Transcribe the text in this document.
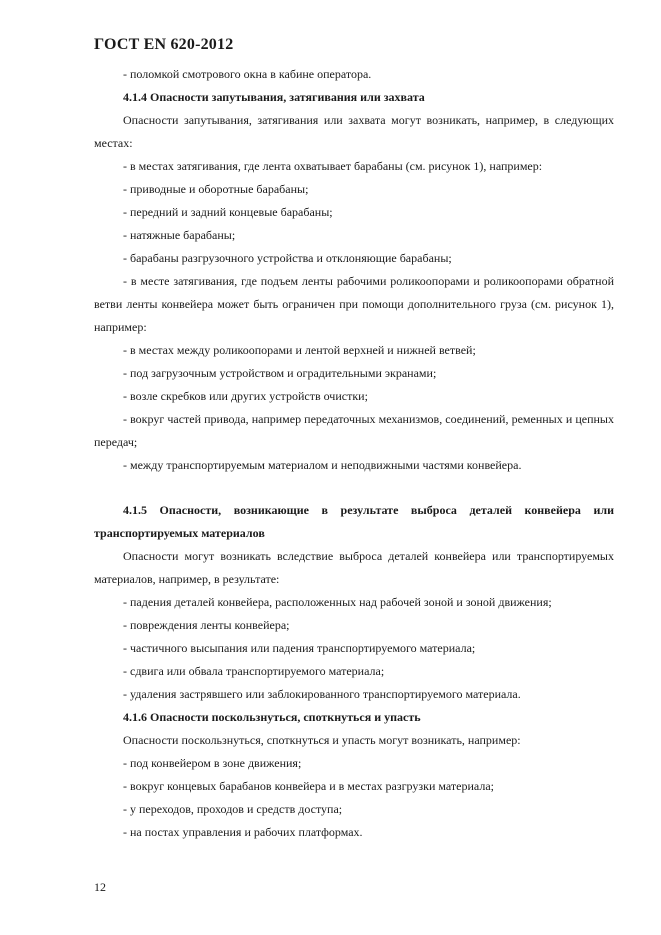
ГОСТ EN 620-2012

- поломкой смотрового окна в кабине оператора.

4.1.4 Опасности запутывания, затягивания или захвата

Опасности запутывания, затягивания или захвата могут возникать, например, в следующих местах:

- в местах затягивания, где лента охватывает барабаны (см. рисунок 1), например:

- приводные и оборотные барабаны;

- передний и задний концевые барабаны;

- натяжные барабаны;

- барабаны разгрузочного устройства и отклоняющие барабаны;

- в месте затягивания, где подъем ленты рабочими роликоопорами и роликоопорами обратной ветви ленты конвейера может быть ограничен при помощи дополнительного груза (см. рисунок 1), например:

- в местах между роликоопорами и лентой верхней и нижней ветвей;

- под загрузочным устройством и оградительными экранами;

- возле скребков или других устройств очистки;

- вокруг частей привода, например передаточных механизмов, соединений, ременных и цепных передач;

- между транспортируемым материалом и неподвижными частями конвейера.

4.1.5 Опасности, возникающие в результате выброса деталей конвейера или транспортируемых материалов

Опасности могут возникать вследствие выброса деталей конвейера или транспортируемых материалов, например, в результате:

- падения деталей конвейера, расположенных над рабочей зоной и зоной движения;

- повреждения ленты конвейера;

- частичного высыпания или падения транспортируемого материала;

- сдвига или обвала транспортируемого материала;

- удаления застрявшего или заблокированного транспортируемого материала.

4.1.6 Опасности поскользнуться, споткнуться и упасть

Опасности поскользнуться, споткнуться и упасть могут возникать, например:

- под конвейером в зоне движения;

- вокруг концевых барабанов конвейера и в местах разгрузки материала;

- у переходов, проходов и средств доступа;

- на постах управления и рабочих платформах.

12
